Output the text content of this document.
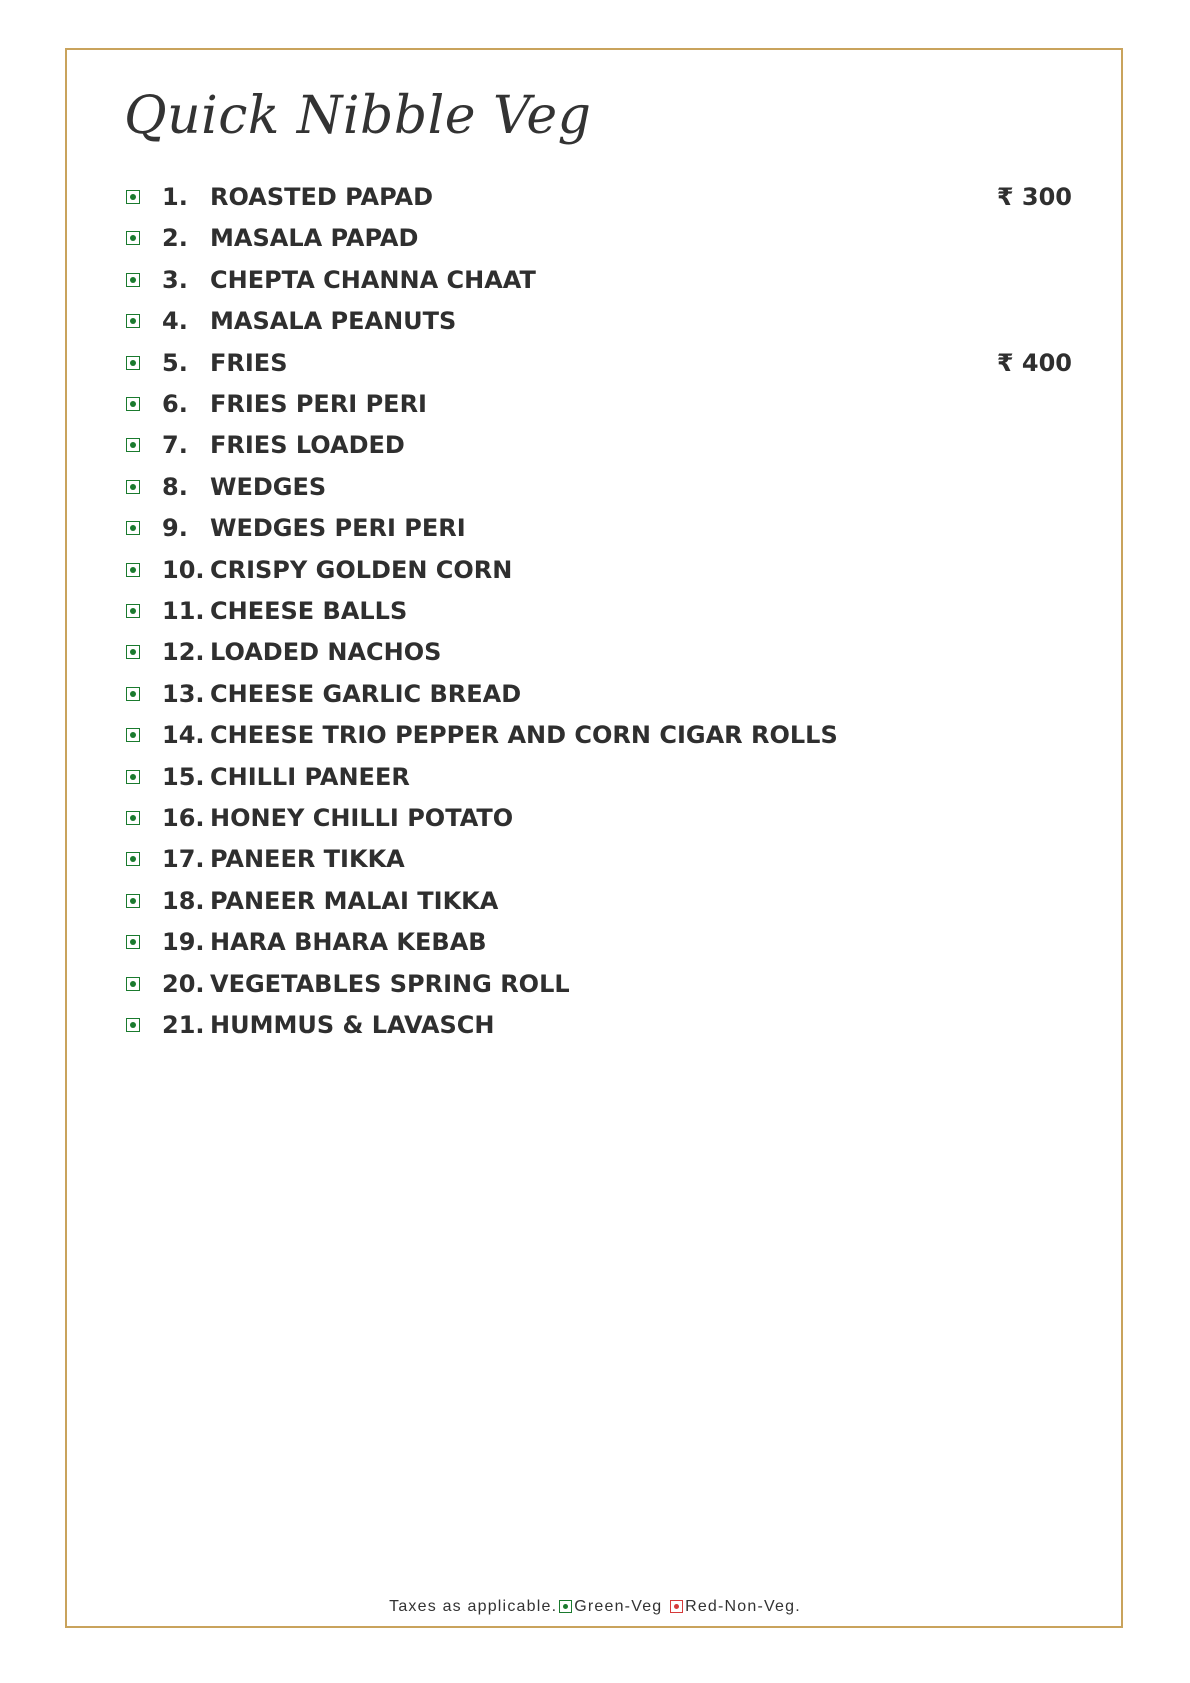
Quick Nibble Veg
1. ROASTED PAPAD	₹ 300
2. MASALA PAPAD
3. CHEPTA CHANNA CHAAT
4. MASALA PEANUTS
5. FRIES	₹ 400
6. FRIES PERI PERI
7. FRIES LOADED
8. WEDGES
9. WEDGES PERI PERI
10. CRISPY GOLDEN CORN
11. CHEESE BALLS
12. LOADED NACHOS
13. CHEESE GARLIC BREAD
14. CHEESE TRIO PEPPER AND CORN CIGAR ROLLS
15. CHILLI PANEER
16. HONEY CHILLI POTATO
17. PANEER TIKKA
18. PANEER MALAI TIKKA
19. HARA BHARA KEBAB
20. VEGETABLES SPRING ROLL
21. HUMMUS & LAVASCH
Taxes as applicable. Green-Veg Red-Non-Veg.
